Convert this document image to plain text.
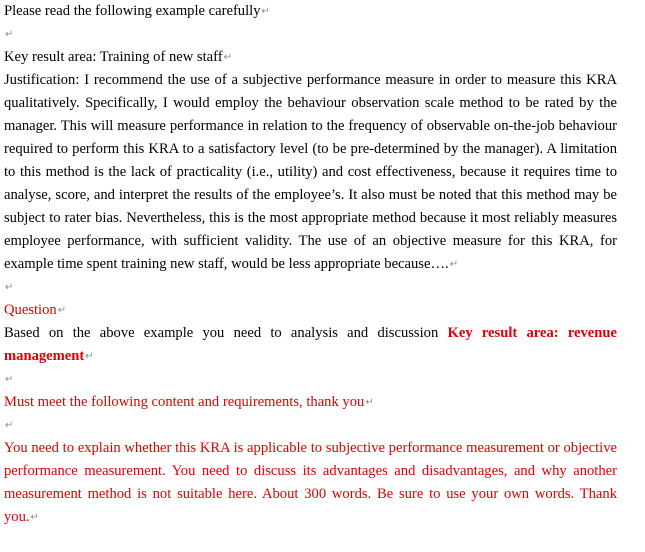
Please read the following example carefully↵
↵
Key result area: Training of new staff↵
Justification: I recommend the use of a subjective performance measure in order to measure this KRA qualitatively. Specifically, I would employ the behaviour observation scale method to be rated by the manager. This will measure performance in relation to the frequency of observable on-the-job behaviour required to perform this KRA to a satisfactory level (to be pre-determined by the manager). A limitation to this method is the lack of practicality (i.e., utility) and cost effectiveness, because it requires time to analyse, score, and interpret the results of the employee’s. It also must be noted that this method may be subject to rater bias. Nevertheless, this is the most appropriate method because it most reliably measures employee performance, with sufficient validity. The use of an objective measure for this KRA, for example time spent training new staff, would be less appropriate because….↵
↵
Question↵
Based on the above example you need to analysis and discussion Key result area: revenue management↵
↵
Must meet the following content and requirements, thank you↵
↵
You need to explain whether this KRA is applicable to subjective performance measurement or objective performance measurement. You need to discuss its advantages and disadvantages, and why another measurement method is not suitable here. About 300 words. Be sure to use your own words. Thank you.↵
